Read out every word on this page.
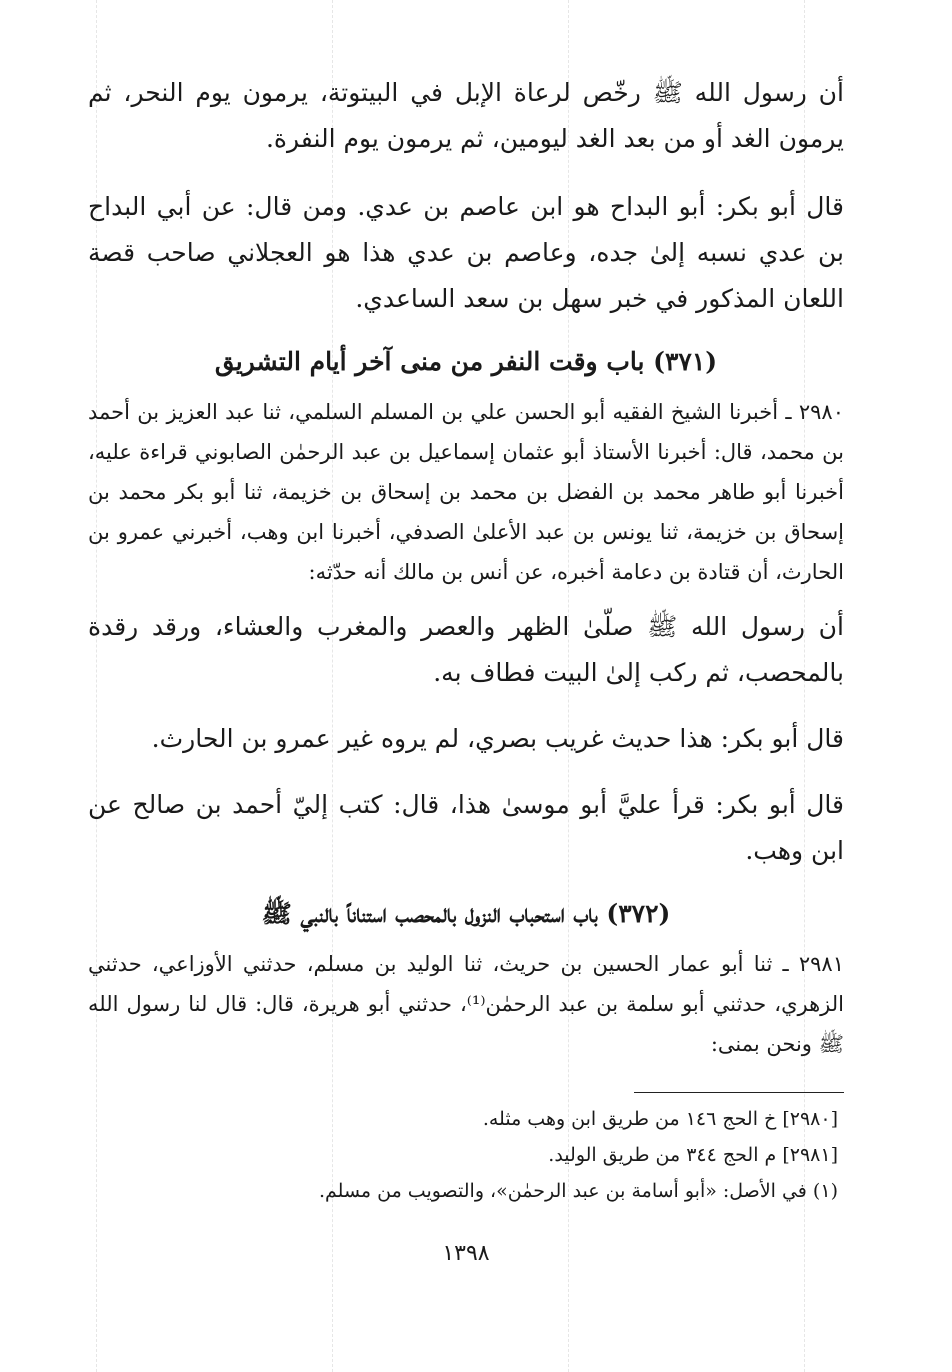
أن رسول الله ﷺ رخّص لرعاة الإبل في البيتوتة، يرمون يوم النحر، ثم يرمون الغد أو من بعد الغد ليومين، ثم يرمون يوم النفرة.

قال أبو بكر: أبو البداح هو ابن عاصم بن عدي. ومن قال: عن أبي البداح بن عدي نسبه إلىٰ جده، وعاصم بن عدي هذا هو العجلاني صاحب قصة اللعان المذكور في خبر سهل بن سعد الساعدي.

(٣٧١) باب وقت النفر من منى آخر أيام التشريق

٢٩٨٠ ـ أخبرنا الشيخ الفقيه أبو الحسن علي بن المسلم السلمي، ثنا عبد العزيز بن أحمد بن محمد، قال: أخبرنا الأستاذ أبو عثمان إسماعيل بن عبد الرحمٰن الصابوني قراءة عليه، أخبرنا أبو طاهر محمد بن الفضل بن محمد بن إسحاق بن خزيمة، ثنا أبو بكر محمد بن إسحاق بن خزيمة، ثنا يونس بن عبد الأعلىٰ الصدفي، أخبرنا ابن وهب، أخبرني عمرو بن الحارث، أن قتادة بن دعامة أخبره، عن أنس بن مالك أنه حدّثه:

أن رسول الله ﷺ صلّىٰ الظهر والعصر والمغرب والعشاء، ورقد رقدة بالمحصب، ثم ركب إلىٰ البيت فطاف به.

قال أبو بكر: هذا حديث غريب بصري، لم يروه غير عمرو بن الحارث.

قال أبو بكر: قرأ عليَّ أبو موسىٰ هذا، قال: كتب إليّ أحمد بن صالح عن ابن وهب.

(٣٧٢) باب استحباب النزول بالمحصب استناناً بالنبي ﷺ

٢٩٨١ ـ ثنا أبو عمار الحسين بن حريث، ثنا الوليد بن مسلم، حدثني الأوزاعي، حدثني الزهري، حدثني أبو سلمة بن عبد الرحمٰن⁽¹⁾، حدثني أبو هريرة، قال: قال لنا رسول الله ﷺ ونحن بمنى:

[٢٩٨٠] خ الحج ١٤٦ من طريق ابن وهب مثله.

[٢٩٨١] م الحج ٣٤٤ من طريق الوليد.

(١) في الأصل: «أبو أسامة بن عبد الرحمٰن»، والتصويب من مسلم.

١٣٩٨
